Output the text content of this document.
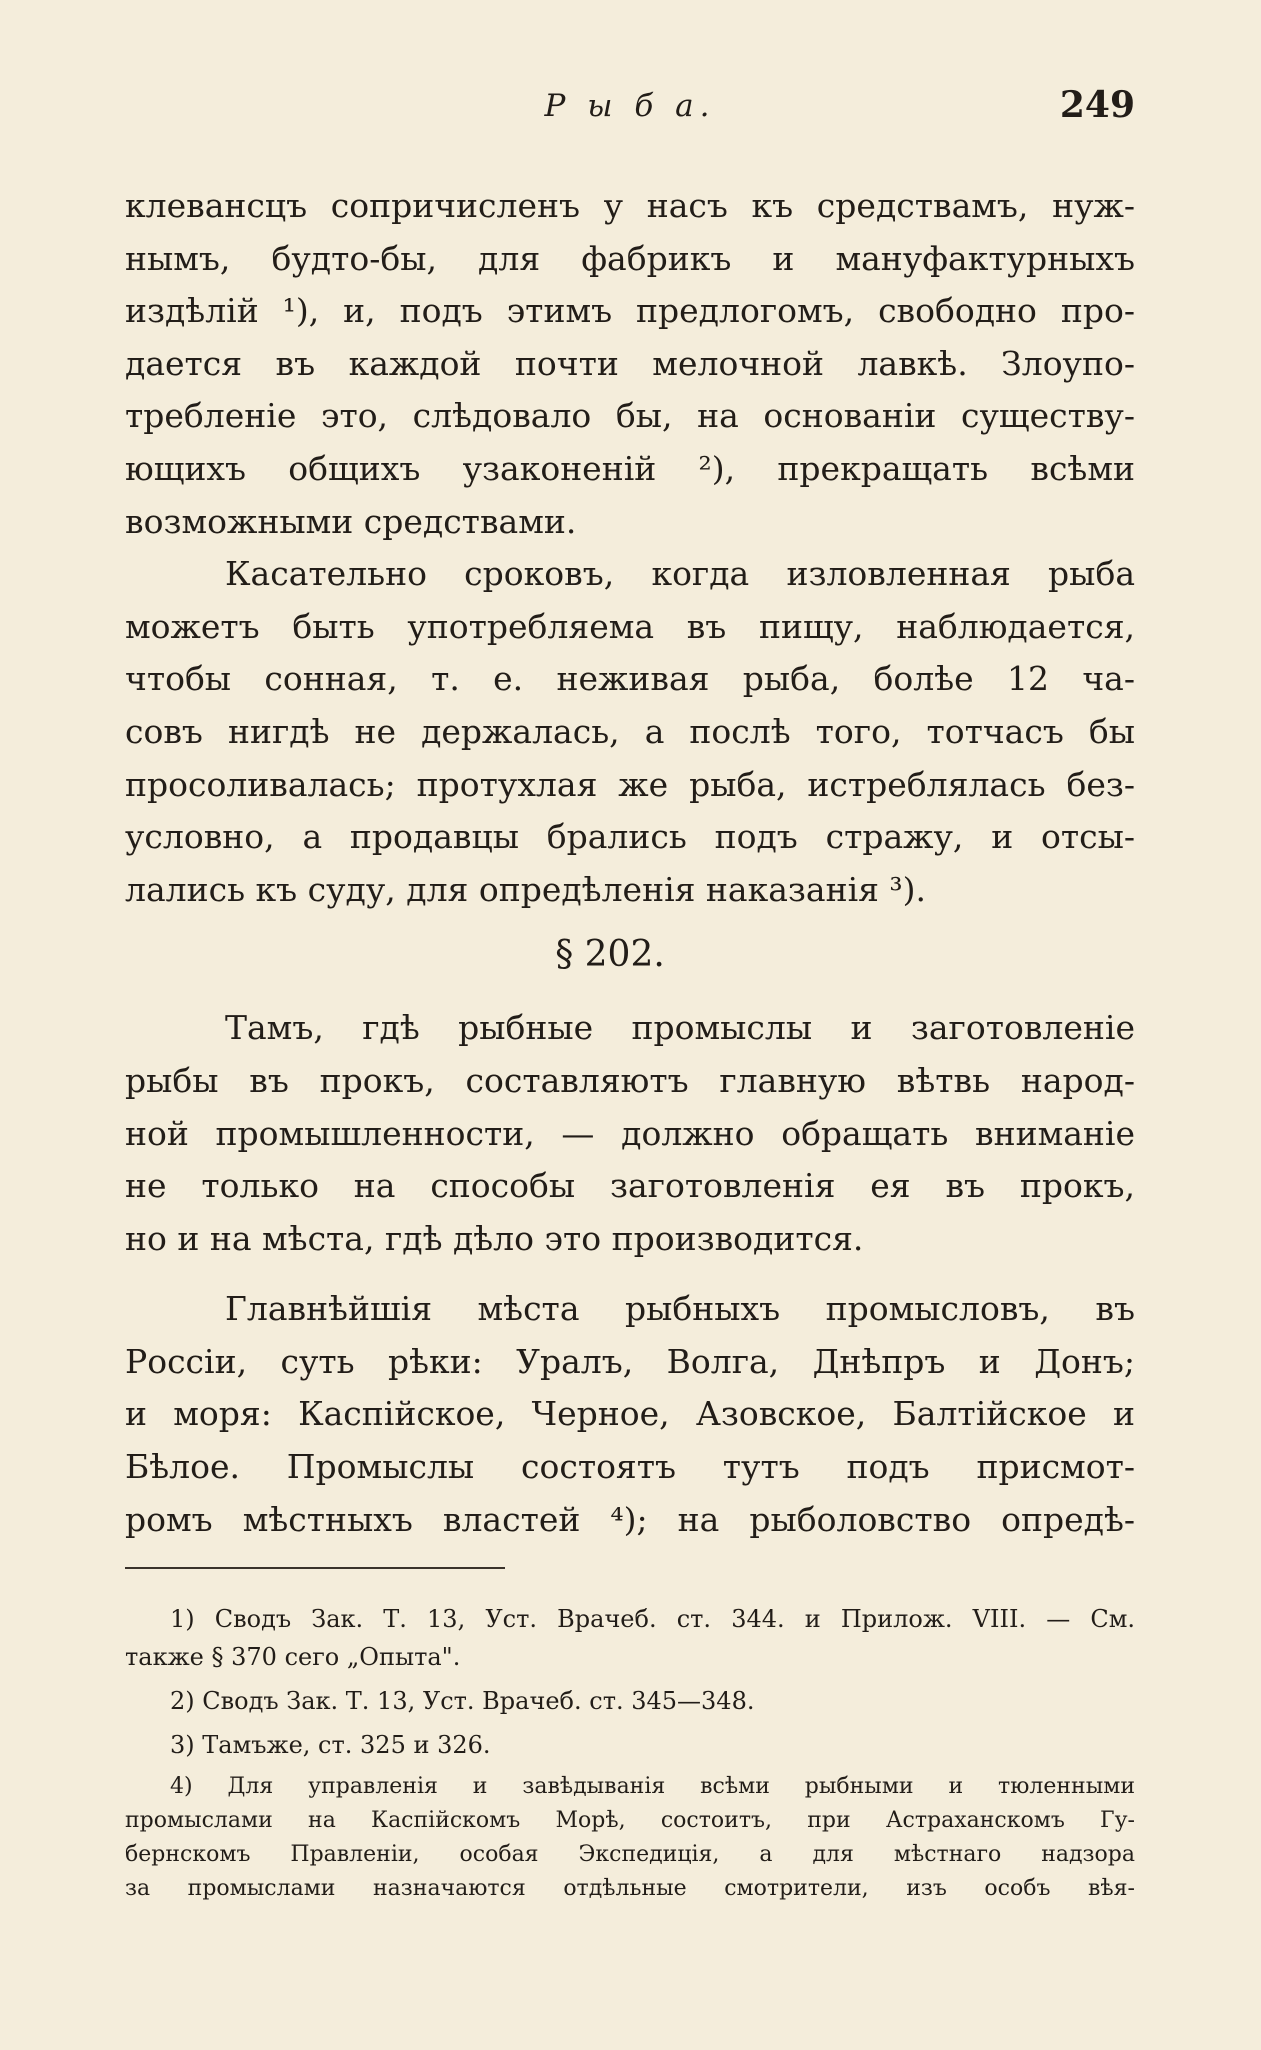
Р ы б а.	249
клевансцъ сопричисленъ у насъ къ средствамъ, нуж-
нымъ, будто-бы, для фабрикъ и мануфактурныхъ
издѣлій ¹), и, подъ этимъ предлогомъ, свободно про-
дается въ каждой почти мелочной лавкѣ. Злоупо-
требленіе это, слѣдовало бы, на основаніи существу-
ющихъ общихъ узаконеній ²), прекращать всѣми
возможными средствами.
Касательно сроковъ, когда изловленная рыба
можетъ быть употребляема въ пищу, наблюдается,
чтобы сонная, т. е. неживая рыба, болѣе 12 ча-
совъ нигдѣ не держалась, а послѣ того, тотчасъ бы
просоливалась; протухлая же рыба, истреблялась без-
условно, а продавцы брались подъ стражу, и отсы-
лались къ суду, для опредѣленія наказанія ³).
§ 202.
Тамъ, гдѣ рыбные промыслы и заготовленіе
рыбы въ прокъ, составляютъ главную вѣтвь народ-
ной промышленности, — должно обращать вниманіе
не только на способы заготовленія ея въ прокъ,
но и на мѣста, гдѣ дѣло это производится.
Главнѣйшія мѣста рыбныхъ промысловъ, въ
Россіи, суть рѣки: Уралъ, Волга, Днѣпръ и Донъ;
и моря: Каспійское, Черное, Азовское, Балтійское и
Бѣлое. Промыслы состоятъ тутъ подъ присмот-
ромъ мѣстныхъ властей ⁴); на рыболовство опредѣ-
1) Сводъ Зак. Т. 13, Уст. Врачеб. ст. 344. и Прилож. VIII. — См.
также § 370 сего „Опыта".
2) Сводъ Зак. Т. 13, Уст. Врачеб. ст. 345—348.
3) Тамъже, ст. 325 и 326.
4) Для управленія и завѣдыванія всѣми рыбными и тюленными
промыслами на Каспійскомъ Морѣ, состоитъ, при Астраханскомъ Гу-
бернскомъ Правленіи, особая Экспедиція, а для мѣстнаго надзора
за промыслами назначаются отдѣльные смотрители, изъ особъ вѣя-
